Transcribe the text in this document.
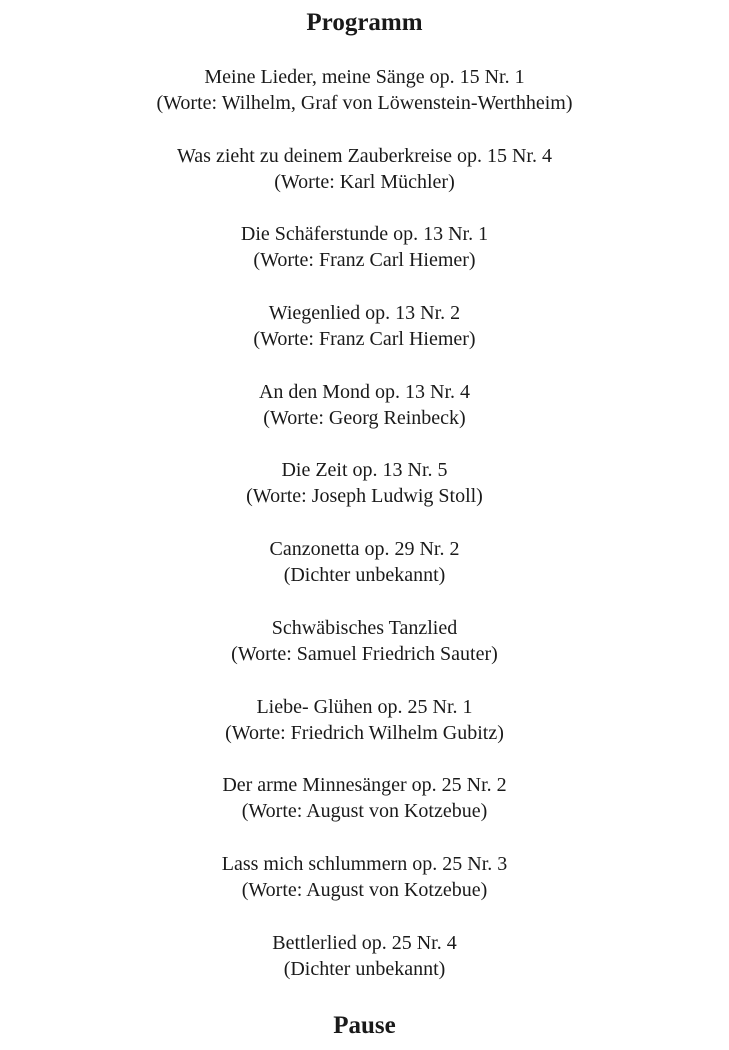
Programm
Meine Lieder, meine Sänge op. 15 Nr. 1
(Worte: Wilhelm, Graf von Löwenstein-Werthheim)
Was zieht zu deinem Zauberkreise op. 15 Nr. 4
(Worte: Karl Müchler)
Die Schäferstunde op. 13 Nr. 1
(Worte: Franz Carl Hiemer)
Wiegenlied op. 13 Nr. 2
(Worte: Franz Carl Hiemer)
An den Mond op. 13 Nr. 4
(Worte: Georg Reinbeck)
Die Zeit op. 13 Nr. 5
(Worte: Joseph Ludwig Stoll)
Canzonetta op. 29 Nr. 2
(Dichter unbekannt)
Schwäbisches Tanzlied
(Worte: Samuel Friedrich Sauter)
Liebe- Glühen op. 25 Nr. 1
(Worte: Friedrich Wilhelm Gubitz)
Der arme Minnesänger op. 25 Nr. 2
(Worte: August von Kotzebue)
Lass mich schlummern op. 25 Nr. 3
(Worte: August von Kotzebue)
Bettlerlied op. 25 Nr. 4
(Dichter unbekannt)
Pause
